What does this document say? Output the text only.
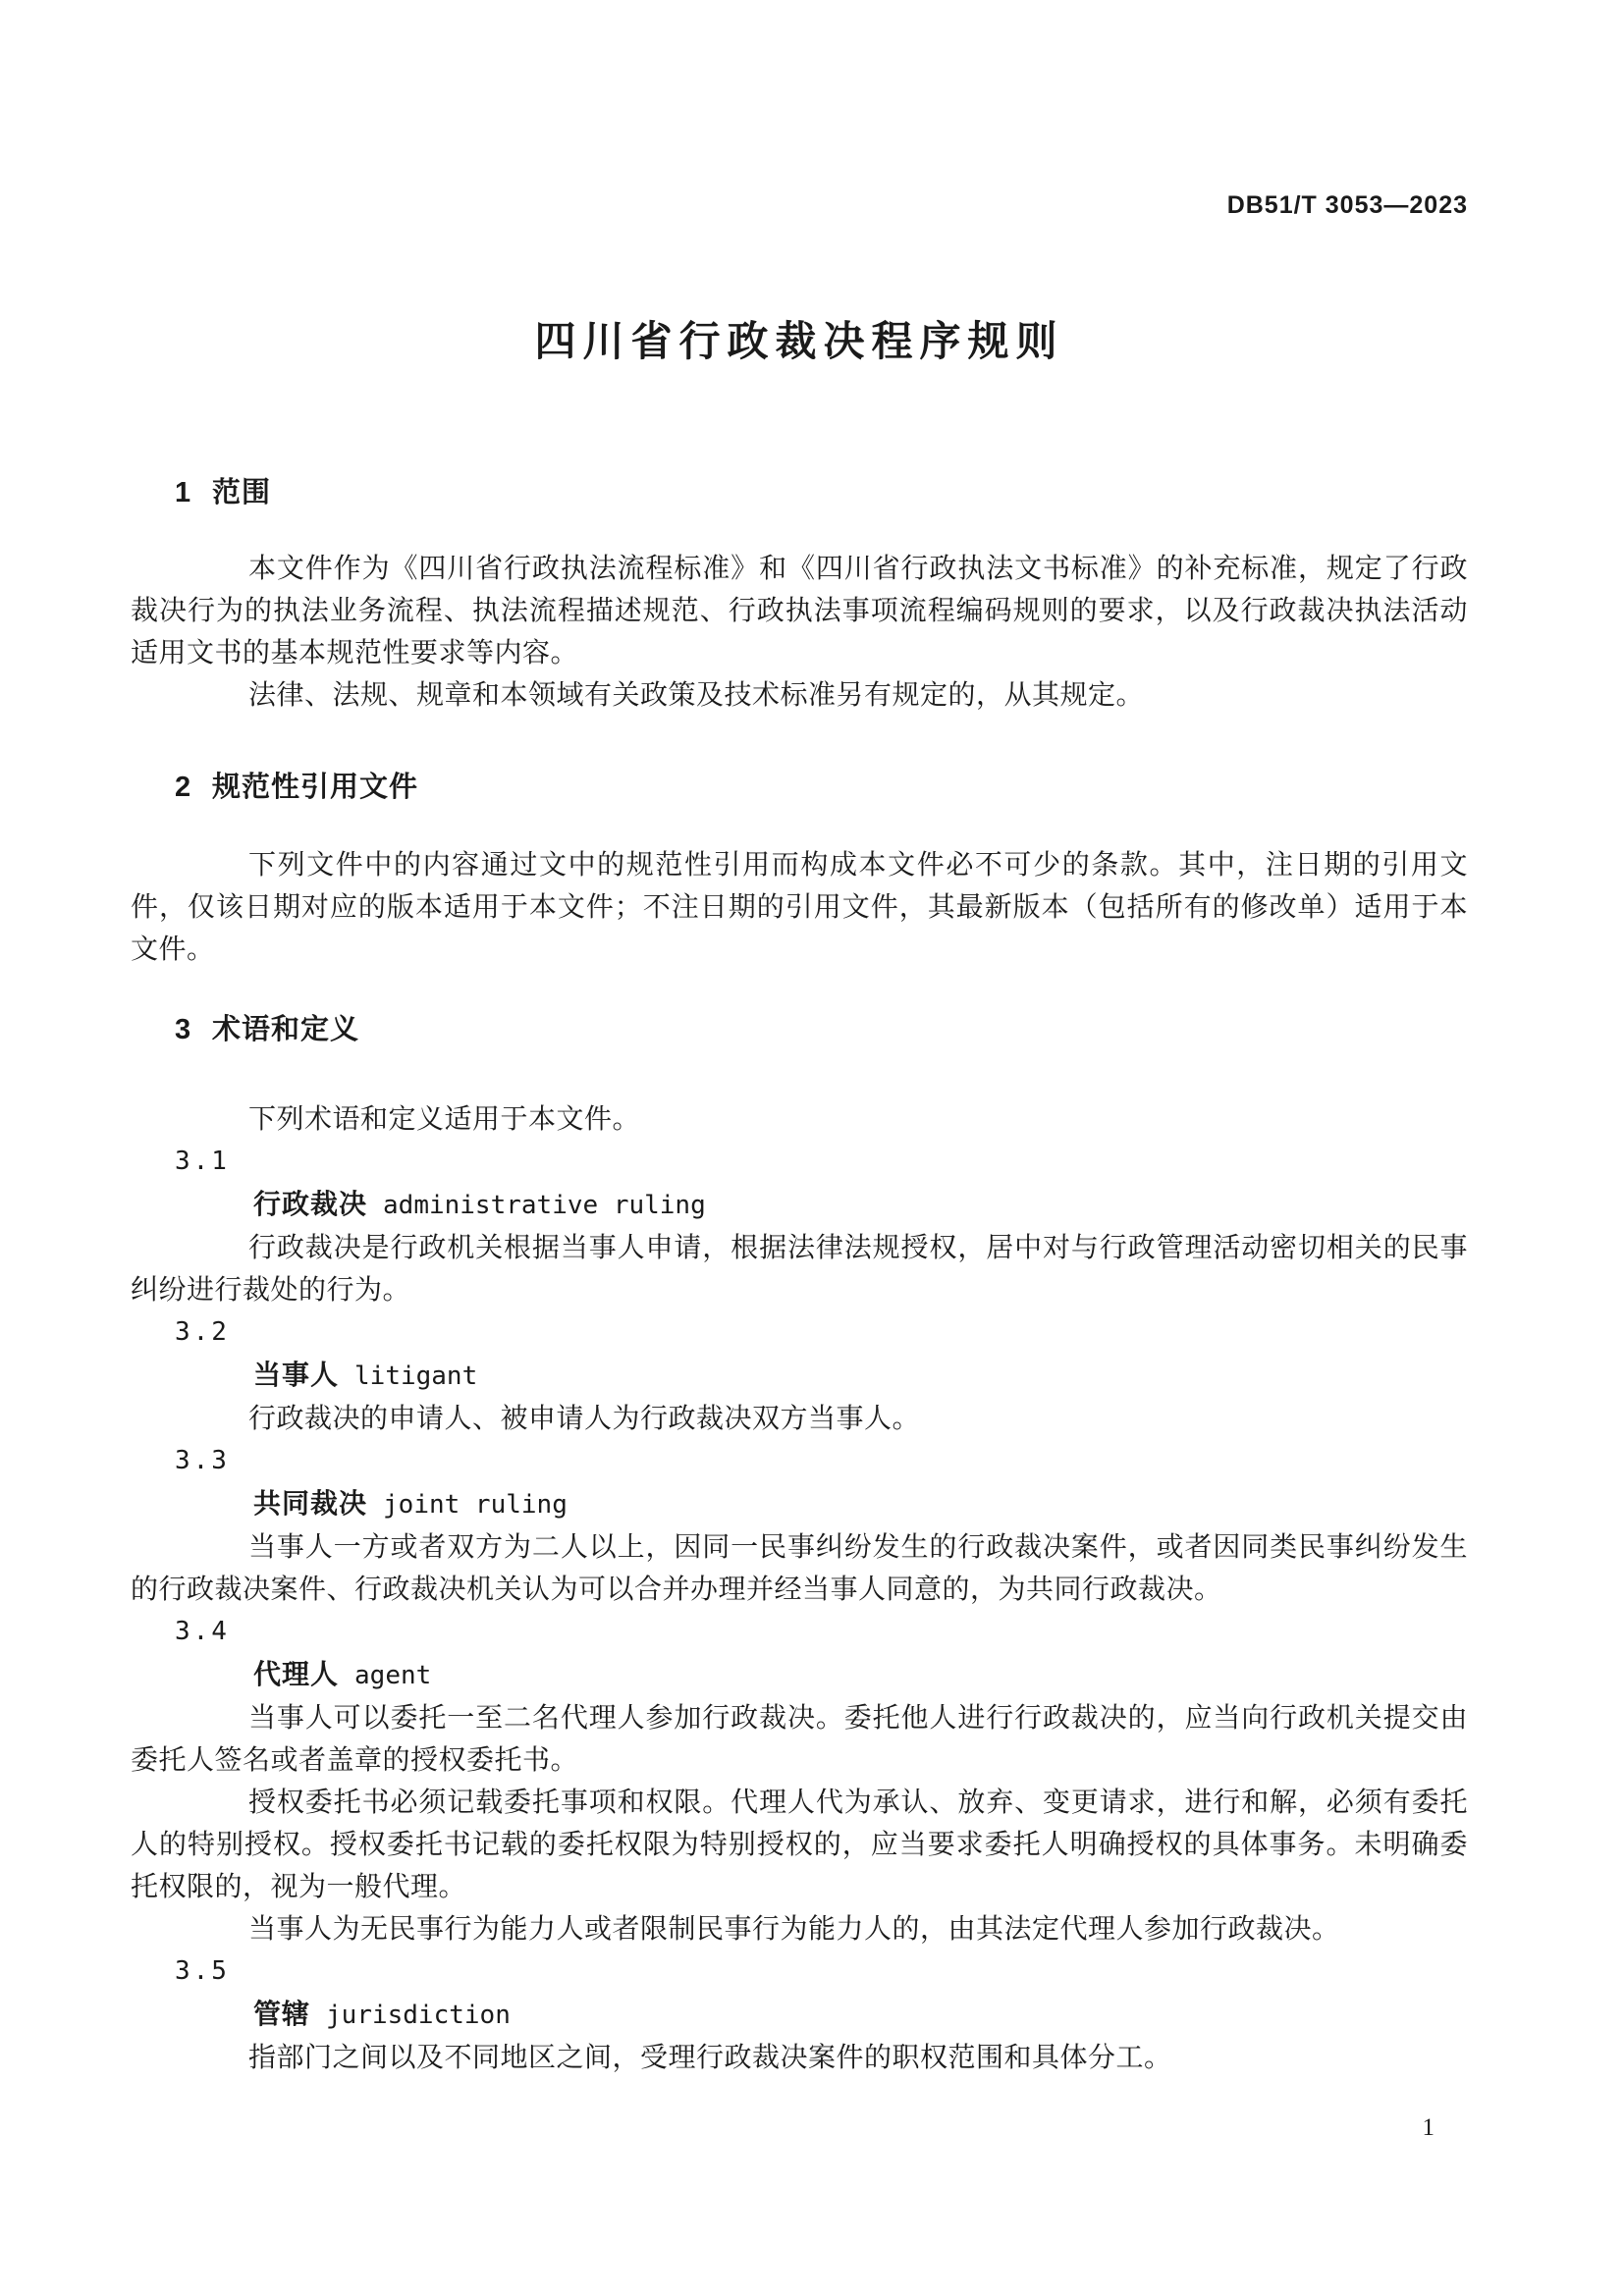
DB51/T 3053—2023
四川省行政裁决程序规则
1 范围

本文件作为《四川省行政执法流程标准》和《四川省行政执法文书标准》的补充标准，规定了行政裁决行为的执法业务流程、执法流程描述规范、行政执法事项流程编码规则的要求，以及行政裁决执法活动适用文书的基本规范性要求等内容。

法律、法规、规章和本领域有关政策及技术标准另有规定的，从其规定。

2 规范性引用文件

下列文件中的内容通过文中的规范性引用而构成本文件必不可少的条款。其中，注日期的引用文件，仅该日期对应的版本适用于本文件；不注日期的引用文件，其最新版本（包括所有的修改单）适用于本文件。

3 术语和定义

下列术语和定义适用于本文件。

3.1
行政裁决 administrative ruling

行政裁决是行政机关根据当事人申请，根据法律法规授权，居中对与行政管理活动密切相关的民事纠纷进行裁处的行为。

3.2
当事人 litigant

行政裁决的申请人、被申请人为行政裁决双方当事人。

3.3
共同裁决 joint ruling

当事人一方或者双方为二人以上，因同一民事纠纷发生的行政裁决案件，或者因同类民事纠纷发生的行政裁决案件、行政裁决机关认为可以合并办理并经当事人同意的，为共同行政裁决。

3.4
代理人 agent

当事人可以委托一至二名代理人参加行政裁决。委托他人进行行政裁决的，应当向行政机关提交由委托人签名或者盖章的授权委托书。

授权委托书必须记载委托事项和权限。代理人代为承认、放弃、变更请求，进行和解，必须有委托人的特别授权。授权委托书记载的委托权限为特别授权的，应当要求委托人明确授权的具体事务。未明确委托权限的，视为一般代理。

当事人为无民事行为能力人或者限制民事行为能力人的，由其法定代理人参加行政裁决。

3.5
管辖 jurisdiction

指部门之间以及不同地区之间，受理行政裁决案件的职权范围和具体分工。

1
